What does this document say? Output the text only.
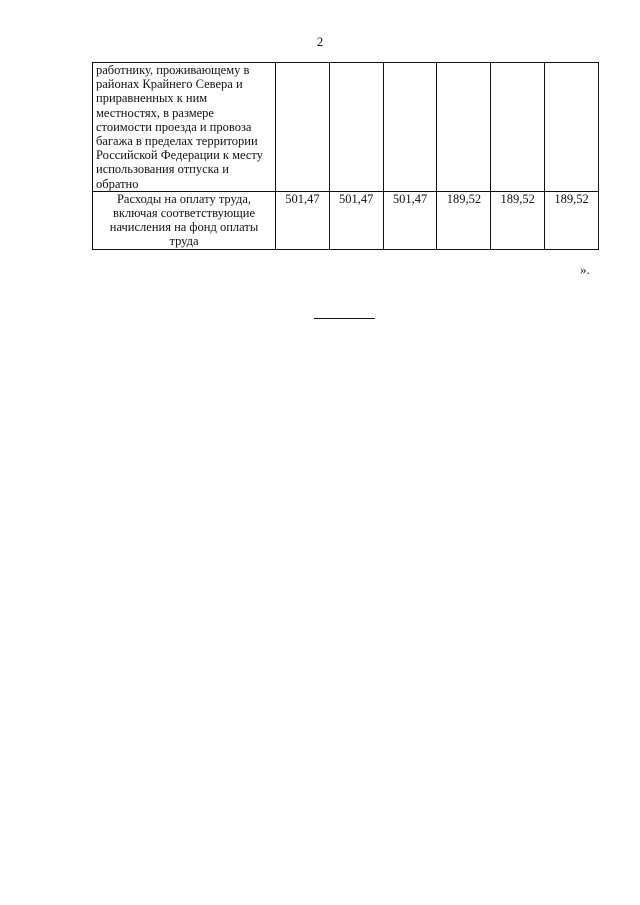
2
работнику, проживающему в районах Крайнего Севера и приравненных к ним местностях, в размере стоимости проезда и провоза багажа в пределах территории Российской Федерации к месту использования отпуска и обратно						
Расходы на оплату труда, включая соответствующие начисления на фонд оплаты труда	501,47	501,47	501,47	189,52	189,52	189,52
».
